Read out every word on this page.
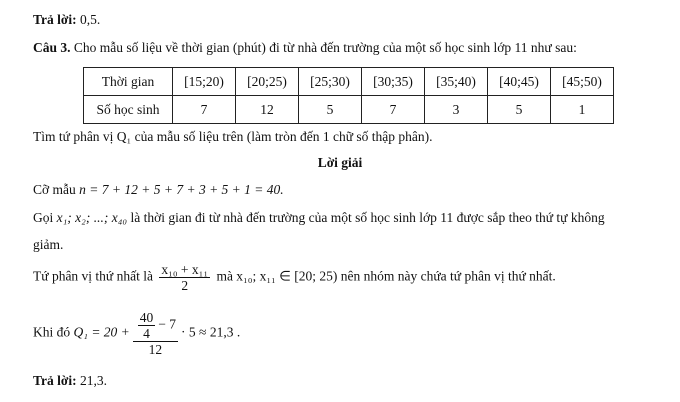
Trả lời: 0,5.
Câu 3. Cho mẫu số liệu về thời gian (phút) đi từ nhà đến trường của một số học sinh lớp 11 như sau:
Thời gian	[15;20)	[20;25)	[25;30)	[30;35)	[35;40)	[40;45)	[45;50)
Số học sinh	7	12	5	7	3	5	1
Tìm tứ phân vị Q₁ của mẫu số liệu trên (làm tròn đến 1 chữ số thập phân).
Lời giải
Cỡ mẫu n = 7 + 12 + 5 + 7 + 3 + 5 + 1 = 40.
Gọi x₁; x₂; ...; x₄₀ là thời gian đi từ nhà đến trường của một số học sinh lớp 11 được sắp theo thứ tự không
giảm.
Tứ phân vị thứ nhất là $\frac{\text{x₁₀ + x₁₁}}{2}$ mà x₁₀; x₁₁ ∈ [20; 25) nên nhóm này chứa tứ phân vị thứ nhất.
Khi đó $Q_1 = 20 + \frac{\frac{40}{4} - 7}{12} \cdot 5 \approx 21,3$ .
Trả lời: 21,3.
